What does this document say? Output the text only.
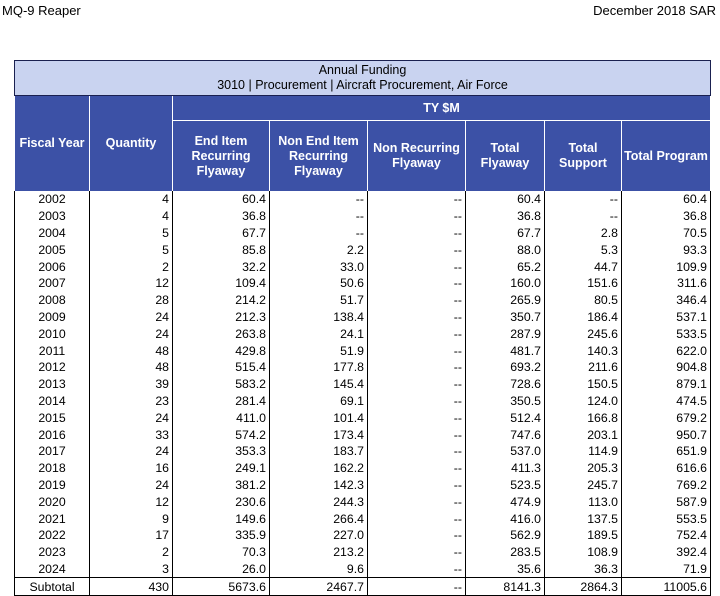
MQ-9 Reaper	December 2018 SAR
Annual Funding
3010 | Procurement | Aircraft Procurement, Air Force							

Fiscal Year	Quantity	TY $M					
		End Item Recurring Flyaway	Non End Item Recurring Flyaway	Non Recurring Flyaway	Total Flyaway	Total Support	Total Program
2002	4	60.4	--	--	60.4	--	60.4
2003	4	36.8	--	--	36.8	--	36.8
2004	5	67.7	--	--	67.7	2.8	70.5
2005	5	85.8	2.2	--	88.0	5.3	93.3
2006	2	32.2	33.0	--	65.2	44.7	109.9
2007	12	109.4	50.6	--	160.0	151.6	311.6
2008	28	214.2	51.7	--	265.9	80.5	346.4
2009	24	212.3	138.4	--	350.7	186.4	537.1
2010	24	263.8	24.1	--	287.9	245.6	533.5
2011	48	429.8	51.9	--	481.7	140.3	622.0
2012	48	515.4	177.8	--	693.2	211.6	904.8
2013	39	583.2	145.4	--	728.6	150.5	879.1
2014	23	281.4	69.1	--	350.5	124.0	474.5
2015	24	411.0	101.4	--	512.4	166.8	679.2
2016	33	574.2	173.4	--	747.6	203.1	950.7
2017	24	353.3	183.7	--	537.0	114.9	651.9
2018	16	249.1	162.2	--	411.3	205.3	616.6
2019	24	381.2	142.3	--	523.5	245.7	769.2
2020	12	230.6	244.3	--	474.9	113.0	587.9
2021	9	149.6	266.4	--	416.0	137.5	553.5
2022	17	335.9	227.0	--	562.9	189.5	752.4
2023	2	70.3	213.2	--	283.5	108.9	392.4
2024	3	26.0	9.6	--	35.6	36.3	71.9
Subtotal	430	5673.6	2467.7	--	8141.3	2864.3	11005.6
